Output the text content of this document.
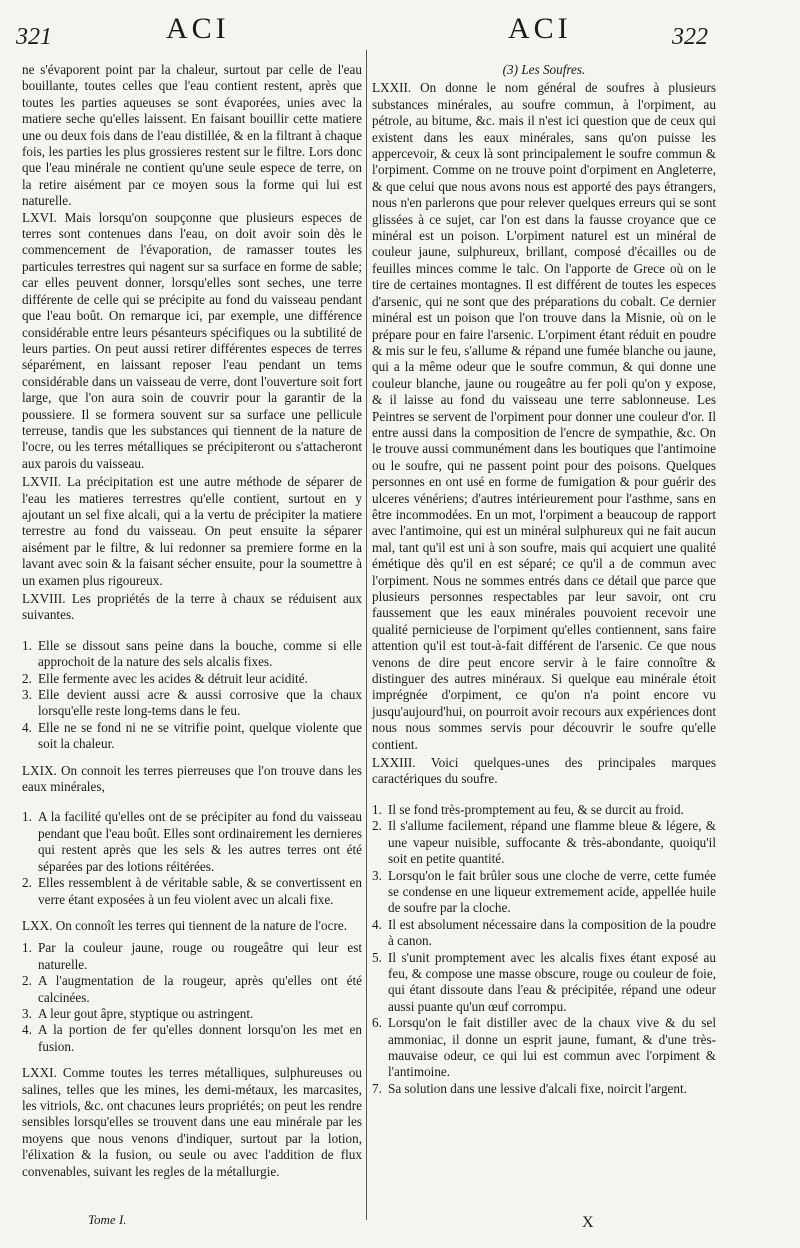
321	ACI	ACI	322

ne s'évaporent point par la chaleur, surtout par celle de l'eau bouillante, toutes celles que l'eau contient restent, après que toutes les parties aqueuses se sont évaporées, unies avec la matiere seche qu'elles laissent. En faisant bouillir cette matiere une ou deux fois dans de l'eau distillée, & en la filtrant à chaque fois, les parties les plus grossieres restent sur le filtre. Lors donc que l'eau minérale ne contient qu'une seule espece de terre, on la retire aisément par ce moyen sous la forme qui lui est naturelle.

LXVI. Mais lorsqu'on soupçonne que plusieurs especes de terres sont contenues dans l'eau, on doit avoir soin dès le commencement de l'évaporation, de ramasser toutes les particules terrestres qui nagent sur sa surface en forme de sable; car elles peuvent donner, lorsqu'elles sont seches, une terre différente de celle qui se précipite au fond du vaisseau pendant que l'eau boût. On remarque ici, par exemple, une différence considérable entre leurs pésanteurs spécifiques ou la subtilité de leurs parties. On peut aussi retirer différentes especes de terres séparément, en laissant reposer l'eau pendant un tems considérable dans un vaisseau de verre, dont l'ouverture soit fort large, que l'on aura soin de couvrir pour la garantir de la poussiere. Il se formera souvent sur sa surface une pellicule terreuse, tandis que les substances qui tiennent de la nature de l'ocre, ou les terres métalliques se précipiteront ou s'attacheront aux parois du vaisseau.

LXVII. La précipitation est une autre méthode de séparer de l'eau les matieres terrestres qu'elle contient, surtout en y ajoutant un sel fixe alcali, qui a la vertu de précipiter la matiere terrestre au fond du vaisseau. On peut ensuite la séparer aisément par le filtre, & lui redonner sa premiere forme en la lavant avec soin & la faisant sécher ensuite, pour la soumettre à un examen plus rigoureux.

LXVIII. Les propriétés de la terre à chaux se réduisent aux suivantes.

1. Elle se dissout sans peine dans la bouche, comme si elle approchoit de la nature des sels alcalis fixes.
2. Elle fermente avec les acides & détruit leur acidité.
3. Elle devient aussi acre & aussi corrosive que la chaux lorsqu'elle reste long-tems dans le feu.
4. Elle ne se fond ni ne se vitrifie point, quelque violente que soit la chaleur.

LXIX. On connoit les terres pierreuses que l'on trouve dans les eaux minérales,

1. A la facilité qu'elles ont de se précipiter au fond du vaisseau pendant que l'eau boût. Elles sont ordinairement les dernieres qui restent après que les sels & les autres terres ont été séparées par des lotions réitérées.
2. Elles ressemblent à de véritable sable, & se convertissent en verre étant exposées à un feu violent avec un alcali fixe.

LXX. On connoît les terres qui tiennent de la nature de l'ocre.

1. Par la couleur jaune, rouge ou rougeâtre qui leur est naturelle.
2. A l'augmentation de la rougeur, après qu'elles ont été calcinées.
3. A leur gout âpre, styptique ou astringent.
4. A la portion de fer qu'elles donnent lorsqu'on les met en fusion.

LXXI. Comme toutes les terres métalliques, sulphureuses ou salines, telles que les mines, les demi-métaux, les marcasites, les vitriols, &c. ont chacunes leurs propriétés; on peut les rendre sensibles lorsqu'elles se trouvent dans une eau minérale par les moyens que nous venons d'indiquer, surtout par la lotion, l'élixation & la fusion, ou seule ou avec l'addition de flux convenables, suivant les regles de la métallurgie.

(3) Les Soufres.

LXXII. On donne le nom général de soufres à plusieurs substances minérales, au soufre commun, à l'orpiment, au pétrole, au bitume, &c. mais il n'est ici question que de ceux qui existent dans les eaux minérales, sans qu'on puisse les appercevoir, & ceux là sont principalement le soufre commun & l'orpiment. Comme on ne trouve point d'orpiment en Angleterre, & que celui que nous avons nous est apporté des pays étrangers, nous n'en parlerons que pour relever quelques erreurs qui se sont glissées à ce sujet, car l'on est dans la fausse croyance que ce minéral est un poison. L'orpiment naturel est un minéral de couleur jaune, sulphureux, brillant, composé d'écailles ou de feuilles minces comme le talc. On l'apporte de Grece où on le tire de certaines montagnes. Il est différent de toutes les especes d'arsenic, qui ne sont que des préparations du cobalt. Ce dernier minéral est un poison que l'on trouve dans la Misnie, où on le prépare pour en faire l'arsenic. L'orpiment étant réduit en poudre & mis sur le feu, s'allume & répand une fumée blanche ou jaune, qui a la même odeur que le soufre commun, & qui donne une couleur blanche, jaune ou rougeâtre au fer poli qu'on y expose, & il laisse au fond du vaisseau une terre sablonneuse. Les Peintres se servent de l'orpiment pour donner une couleur d'or. Il entre aussi dans la composition de l'encre de sympathie, &c. On le trouve aussi communément dans les boutiques que l'antimoine ou le soufre, qui ne passent point pour des poisons. Quelques personnes en ont usé en forme de fumigation & pour guérir des ulceres vénériens; d'autres intérieurement pour l'asthme, sans en être incommodées. En un mot, l'orpiment a beaucoup de rapport avec l'antimoine, qui est un minéral sulphureux qui ne fait aucun mal, tant qu'il est uni à son soufre, mais qui acquiert une qualité émétique dès qu'il en est séparé; ce qu'il a de commun avec l'orpiment. Nous ne sommes entrés dans ce détail que parce que plusieurs personnes respectables par leur savoir, ont cru faussement que les eaux minérales pouvoient recevoir une qualité pernicieuse de l'orpiment qu'elles contiennent, sans faire attention qu'il est tout-à-fait différent de l'arsenic. Ce que nous venons de dire peut encore servir à le faire connoître & distinguer des autres minéraux. Si quelque eau minérale étoit imprégnée d'orpiment, ce qu'on n'a point encore vu jusqu'aujourd'hui, on pourroit avoir recours aux expériences dont nous nous sommes servis pour découvrir le soufre qu'elle contient.

LXXIII. Voici quelques-unes des principales marques caractériques du soufre.

1. Il se fond très-promptement au feu, & se durcit au froid.
2. Il s'allume facilement, répand une flamme bleue & légere, & une vapeur nuisible, suffocante & très-abondante, quoiqu'il soit en petite quantité.
3. Lorsqu'on le fait brûler sous une cloche de verre, cette fumée se condense en une liqueur extremement acide, appellée huile de soufre par la cloche.
4. Il est absolument nécessaire dans la composition de la poudre à canon.
5. Il s'unit promptement avec les alcalis fixes étant exposé au feu, & compose une masse obscure, rouge ou couleur de foie, qui étant dissoute dans l'eau & précipitée, répand une odeur aussi puante qu'un œuf corrompu.
6. Lorsqu'on le fait distiller avec de la chaux vive & du sel ammoniac, il donne un esprit jaune, fumant, & d'une très-mauvaise odeur, ce qui lui est commun avec l'orpiment & l'antimoine.
7. Sa solution dans une lessive d'alcali fixe, noircit l'argent.
Tome I.	X
